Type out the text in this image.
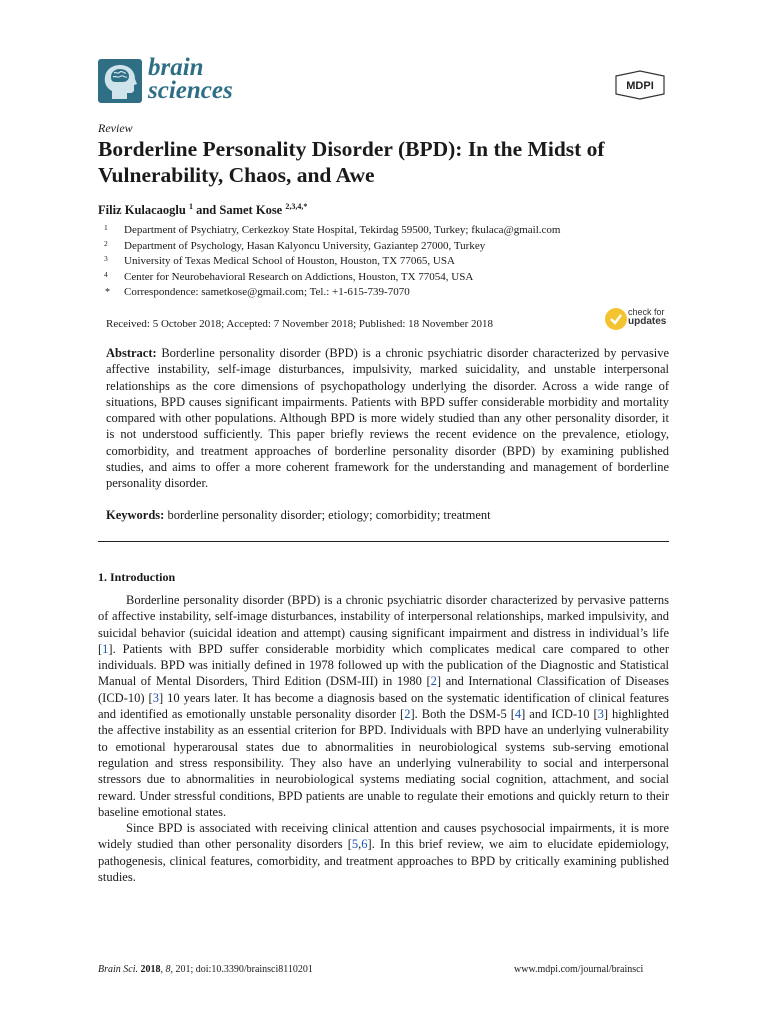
brain
sciences	MDPI
Review
Borderline Personality Disorder (BPD): In the Midst of Vulnerability, Chaos, and Awe
Filiz Kulacaoglu $^1$ and Samet Kose $^{2,3,4,*}$
1 Department of Psychiatry, Cerkezkoy State Hospital, Tekirdag 59500, Turkey; fkulaca@gmail.com
2 Department of Psychology, Hasan Kalyoncu University, Gaziantep 27000, Turkey
3 University of Texas Medical School of Houston, Houston, TX 77065, USA
4 Center for Neurobehavioral Research on Addictions, Houston, TX 77054, USA
* Correspondence: sametkose@gmail.com; Tel.: +1-615-739-7070
Received: 5 October 2018; Accepted: 7 November 2018; Published: 18 November 2018
check for
updates
Abstract: Borderline personality disorder (BPD) is a chronic psychiatric disorder characterized by pervasive affective instability, self-image disturbances, impulsivity, marked suicidality, and unstable interpersonal relationships as the core dimensions of psychopathology underlying the disorder. Across a wide range of situations, BPD causes significant impairments. Patients with BPD suffer considerable morbidity and mortality compared with other populations. Although BPD is more widely studied than any other personality disorder, it is not understood sufficiently. This paper briefly reviews the recent evidence on the prevalence, etiology, comorbidity, and treatment approaches of borderline personality disorder (BPD) by examining published studies, and aims to offer a more coherent framework for the understanding and management of borderline personality disorder.
Keywords: borderline personality disorder; etiology; comorbidity; treatment
1. Introduction

Borderline personality disorder (BPD) is a chronic psychiatric disorder characterized by pervasive patterns of affective instability, self-image disturbances, instability of interpersonal relationships, marked impulsivity, and suicidal behavior (suicidal ideation and attempt) causing significant impairment and distress in individual’s life [1]. Patients with BPD suffer considerable morbidity which complicates medical care compared to other individuals. BPD was initially defined in 1978 followed up with the publication of the Diagnostic and Statistical Manual of Mental Disorders, Third Edition (DSM-III) in 1980 [2] and International Classification of Diseases (ICD-10) [3] 10 years later. It has become a diagnosis based on the systematic identification of clinical features and identified as emotionally unstable personality disorder [2]. Both the DSM-5 [4] and ICD-10 [3] highlighted the affective instability as an essential criterion for BPD. Individuals with BPD have an underlying vulnerability to emotional hyperarousal states due to abnormalities in neurobiological systems sub-serving emotional regulation and stress responsibility. They also have an underlying vulnerability to social and interpersonal stressors due to abnormalities in neurobiological systems mediating social cognition, attachment, and social reward. Under stressful conditions, BPD patients are unable to regulate their emotions and quickly return to their baseline emotional states.

Since BPD is associated with receiving clinical attention and causes psychosocial impairments, it is more widely studied than other personality disorders [5,6]. In this brief review, we aim to elucidate epidemiology, pathogenesis, clinical features, comorbidity, and treatment approaches to BPD by critically examining published studies.

Brain Sci. 2018, 8, 201; doi:10.3390/brainsci8110201	www.mdpi.com/journal/brainsci
